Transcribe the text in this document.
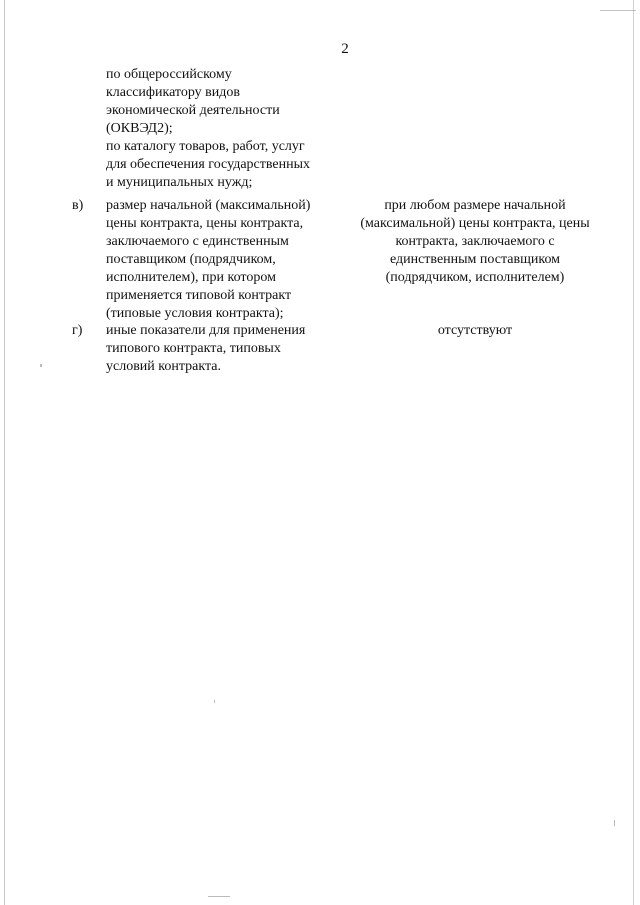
2
по общероссийскому
классификатору видов
экономической деятельности
(ОКВЭД2);
по каталогу товаров, работ, услуг
для обеспечения государственных
и муниципальных нужд;
в) размер начальной (максимальной)
цены контракта, цены контракта,
заключаемого с единственным
поставщиком (подрядчиком,
исполнителем), при котором
применяется типовой контракт
(типовые условия контракта);
при любом размере начальной
(максимальной) цены контракта, цены
контракта, заключаемого с
единственным поставщиком
(подрядчиком, исполнителем)
г) иные показатели для применения
типового контракта, типовых
условий контракта.
отсутствуют
